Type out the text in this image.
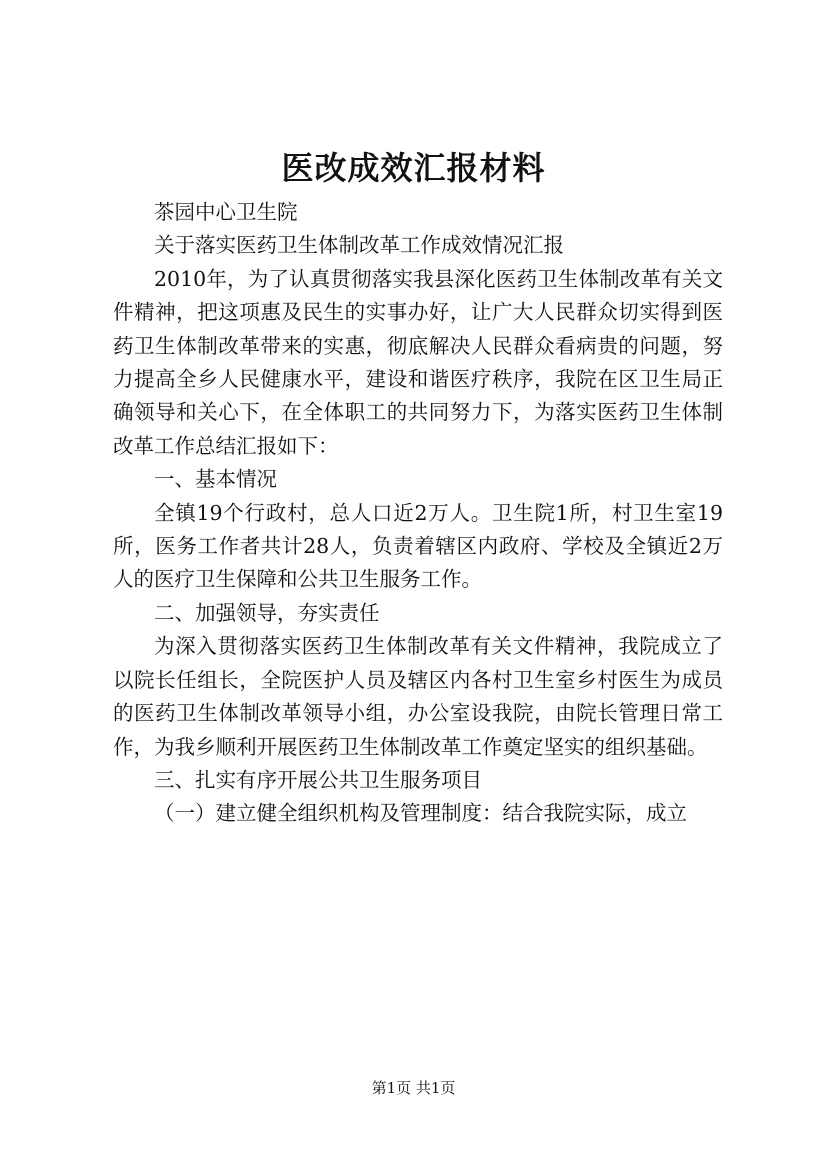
医改成效汇报材料

茶园中心卫生院

关于落实医药卫生体制改革工作成效情况汇报

2010年，为了认真贯彻落实我县深化医药卫生体制改革有关文件精神，把这项惠及民生的实事办好，让广大人民群众切实得到医药卫生体制改革带来的实惠，彻底解决人民群众看病贵的问题，努力提高全乡人民健康水平，建设和谐医疗秩序，我院在区卫生局正确领导和关心下，在全体职工的共同努力下，为落实医药卫生体制改革工作总结汇报如下：

一、基本情况

全镇19个行政村，总人口近2万人。卫生院1所，村卫生室19所，医务工作者共计28人，负责着辖区内政府、学校及全镇近2万人的医疗卫生保障和公共卫生服务工作。

二、加强领导，夯实责任

为深入贯彻落实医药卫生体制改革有关文件精神，我院成立了以院长任组长，全院医护人员及辖区内各村卫生室乡村医生为成员的医药卫生体制改革领导小组，办公室设我院，由院长管理日常工作，为我乡顺利开展医药卫生体制改革工作奠定坚实的组织基础。

三、扎实有序开展公共卫生服务项目

（一）建立健全组织机构及管理制度：结合我院实际，成立

第1页 共1页
